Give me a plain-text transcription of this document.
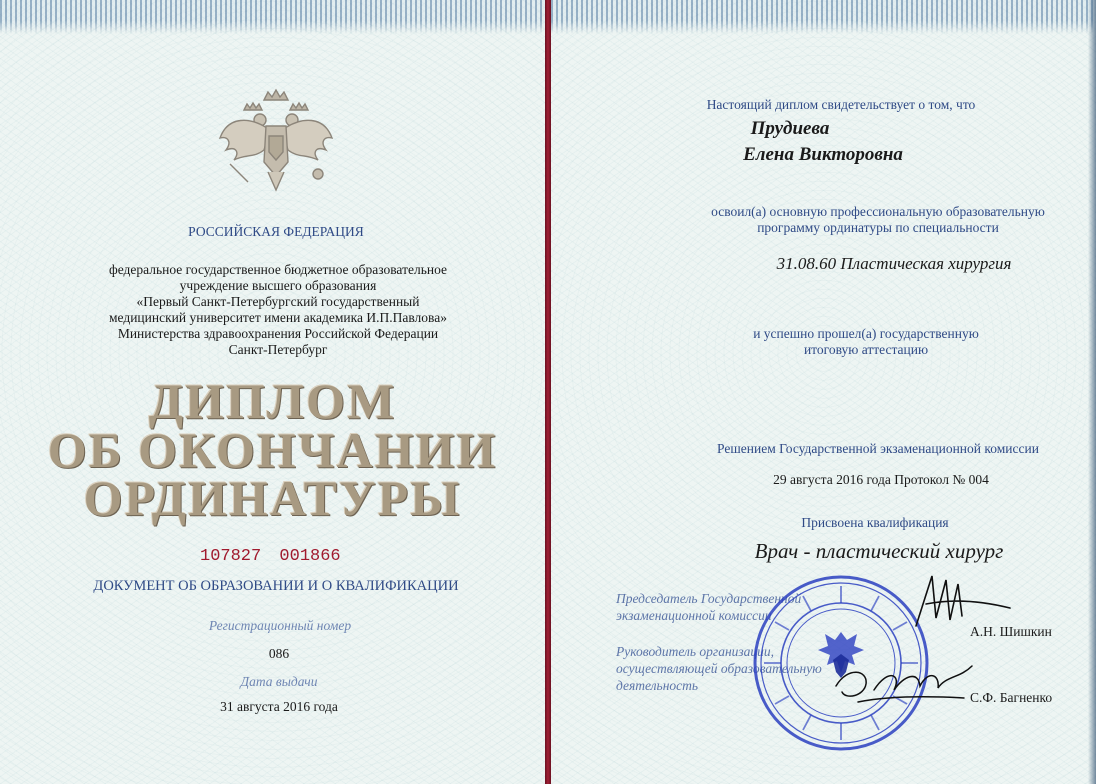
РОССИЙСКАЯ ФЕДЕРАЦИЯ
федеральное государственное бюджетное образовательное
учреждение высшего образования
«Первый Санкт-Петербургский государственный
медицинский университет имени академика И.П.Павлова»
Министерства здравоохранения Российской Федерации
Санкт-Петербург
ДИПЛОМ
ОБ ОКОНЧАНИИ
ОРДИНАТУРЫ
107827 001866
ДОКУМЕНТ ОБ ОБРАЗОВАНИИ И О КВАЛИФИКАЦИИ
Регистрационный номер
086
Дата выдачи
31 августа 2016 года
Настоящий диплом свидетельствует о том, что
Прудиева
Елена Викторовна
освоил(а) основную профессиональную образовательную
программу ординатуры по специальности
31.08.60 Пластическая хирургия
и успешно прошел(а) государственную
итоговую аттестацию
Решением Государственной экзаменационной комиссии
29 августа 2016 года Протокол № 004
Присвоена квалификация
Врач - пластический хирург
Председатель Государственной
экзаменационной комиссии
А.Н. Шишкин
Руководитель организации,
осуществляющей образовательную
деятельность
С.Ф. Багненко
